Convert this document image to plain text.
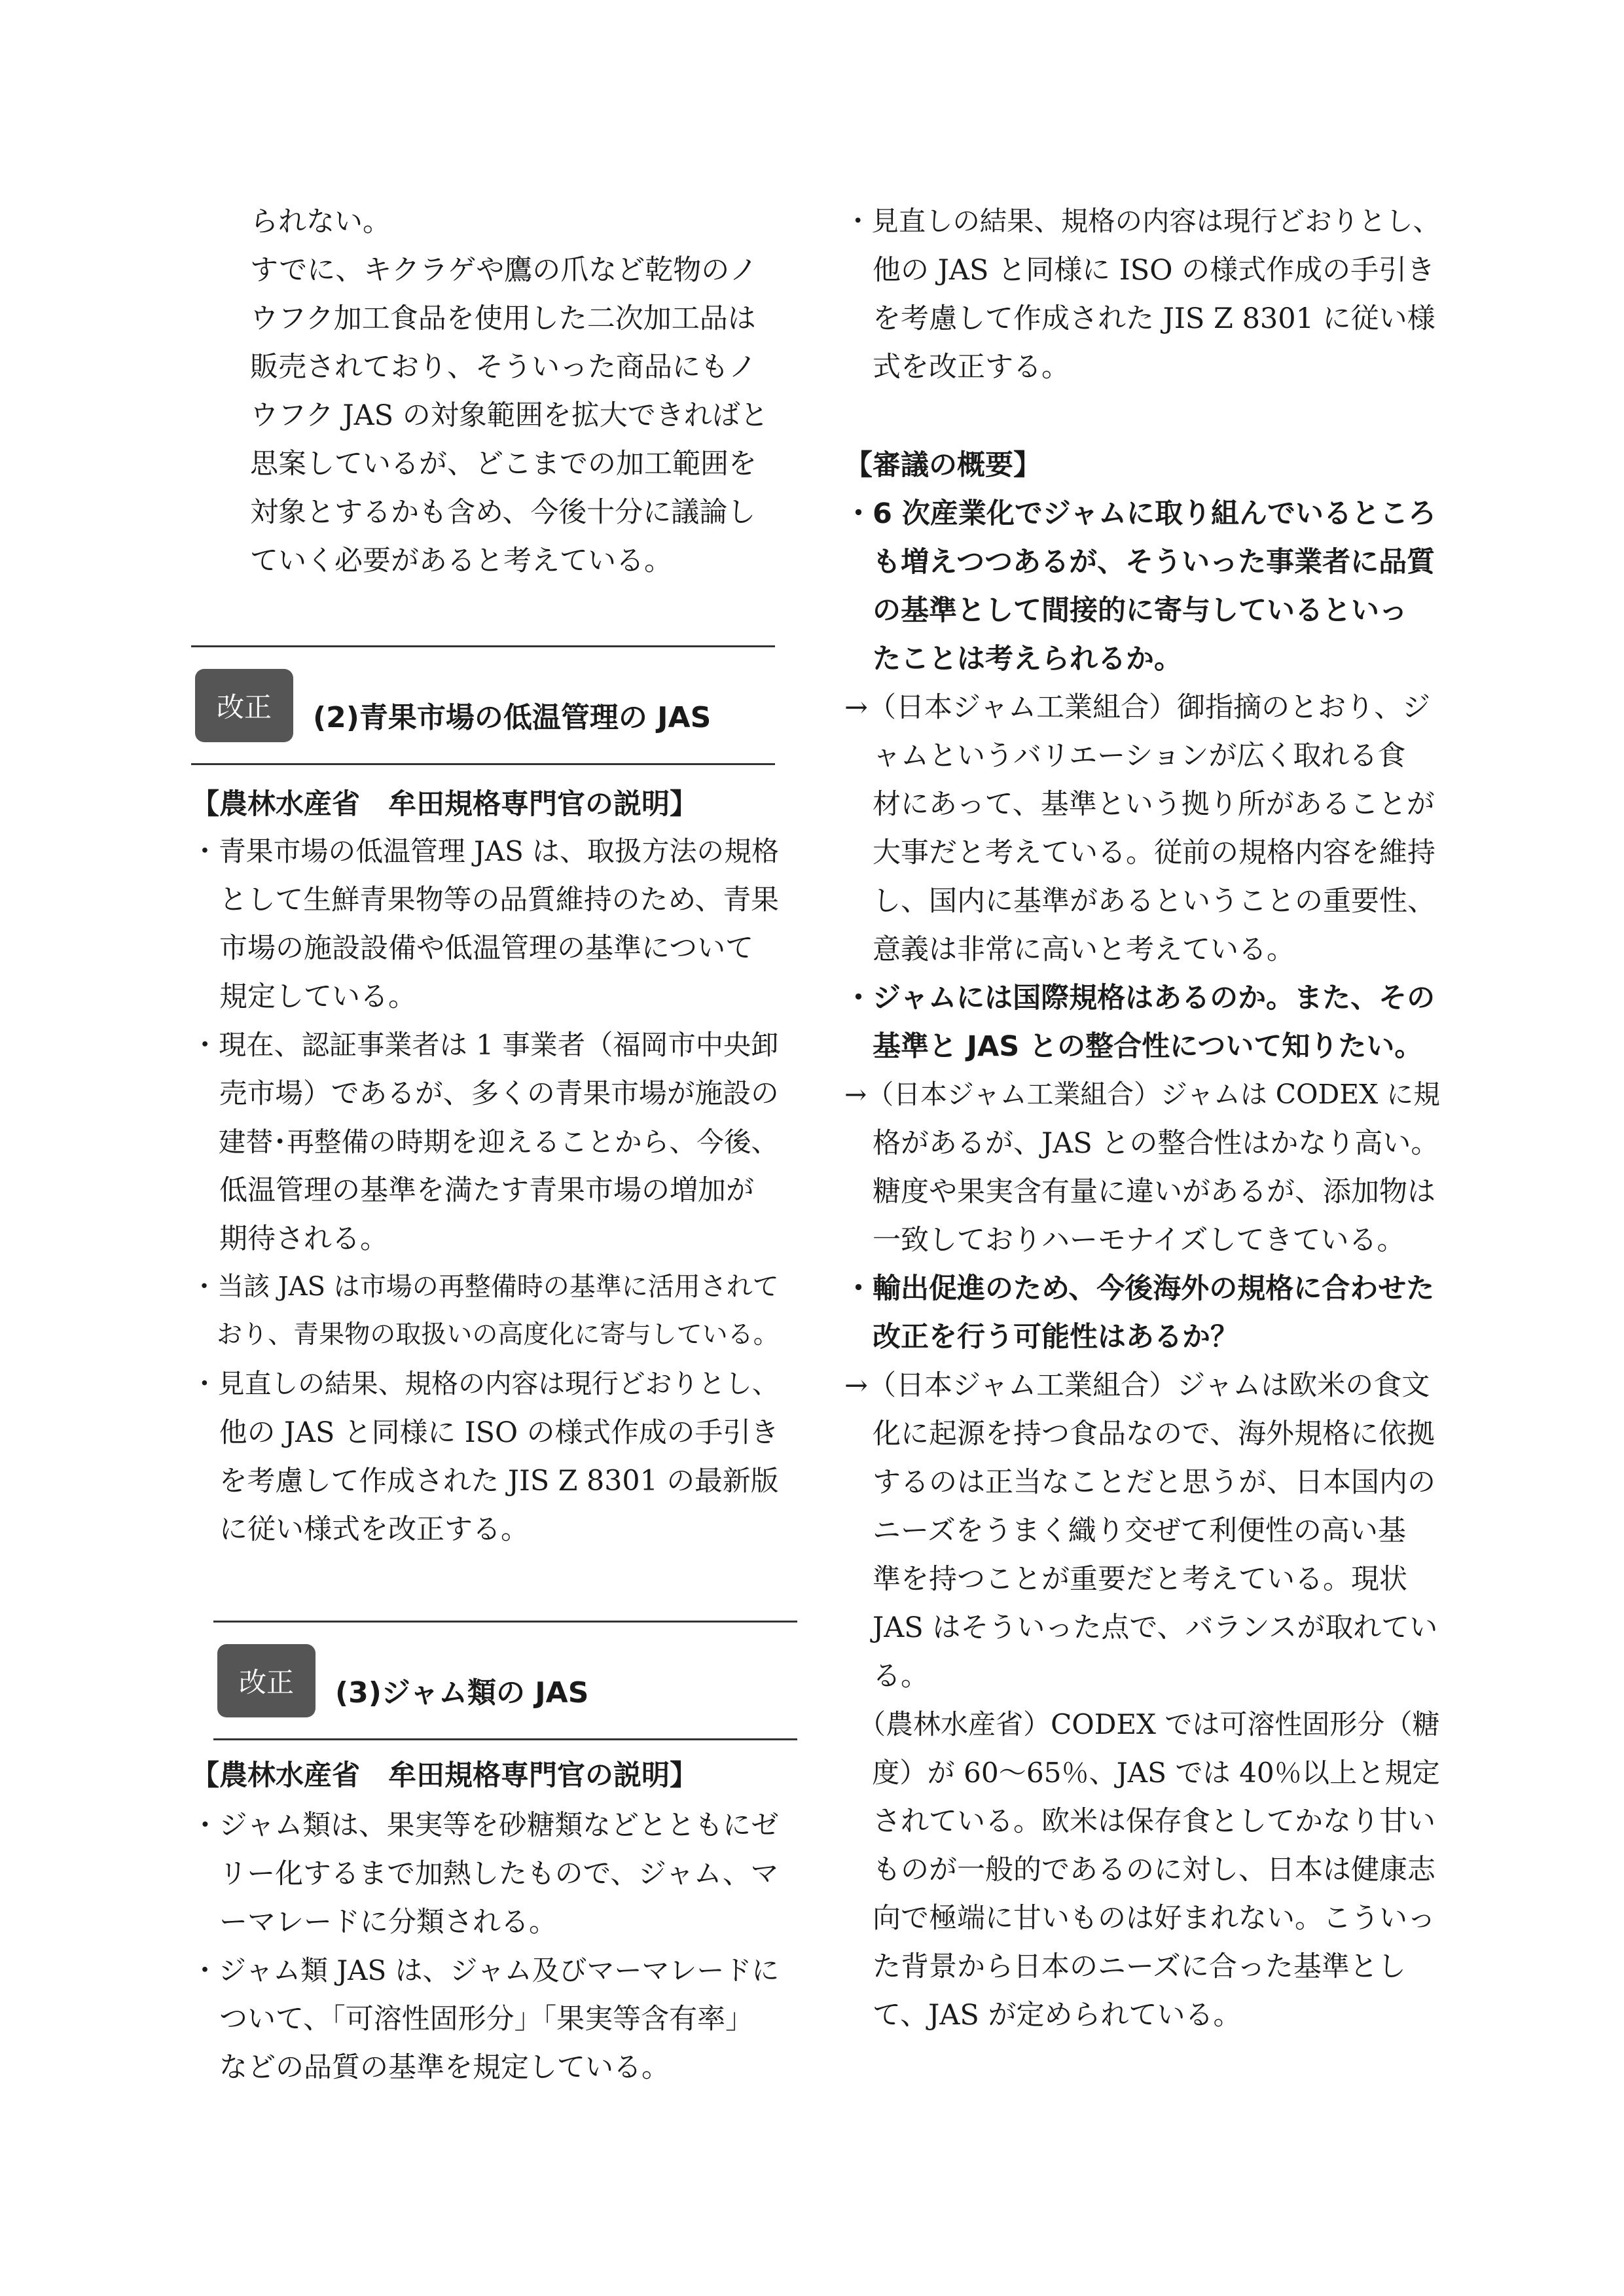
られない。
すでに、キクラゲや鷹の爪など乾物のノ
ウフク加工食品を使用した二次加工品は
販売されており、そういった商品にもノ
ウフク JAS の対象範囲を拡大できればと
思案しているが、どこまでの加工範囲を
対象とするかも含め、今後十分に議論し
ていく必要があると考えている。
改正	(2)青果市場の低温管理の JAS
【農林水産省　牟田規格専門官の説明】
・青果市場の低温管理 JAS は、取扱方法の規格
　として生鮮青果物等の品質維持のため、青果
　市場の施設設備や低温管理の基準について
　規定している。
・現在、認証事業者は 1 事業者（福岡市中央卸
　売市場）であるが、多くの青果市場が施設の
　建替･再整備の時期を迎えることから、今後、
　低温管理の基準を満たす青果市場の増加が
　期待される。
・当該 JAS は市場の再整備時の基準に活用されて
　おり、青果物の取扱いの高度化に寄与している。
・見直しの結果、規格の内容は現行どおりとし、
　他の JAS と同様に ISO の様式作成の手引き
　を考慮して作成された JIS Z 8301 の最新版
　に従い様式を改正する。
改正	(3)ジャム類の JAS
【農林水産省　牟田規格専門官の説明】
・ジャム類は、果実等を砂糖類などとともにゼ
　リー化するまで加熱したもので、ジャム、マ
　ーマレードに分類される。
・ジャム類 JAS は、ジャム及びマーマレードに
　ついて、「可溶性固形分」「果実等含有率」
　などの品質の基準を規定している。
・見直しの結果、規格の内容は現行どおりとし、
　他の JAS と同様に ISO の様式作成の手引き
　を考慮して作成された JIS Z 8301 に従い様
　式を改正する。
【審議の概要】
・6 次産業化でジャムに取り組んでいるところ
　も増えつつあるが、そういった事業者に品質
　の基準として間接的に寄与しているといっ
　たことは考えられるか。
→（日本ジャム工業組合）御指摘のとおり、ジ
　ャムというバリエーションが広く取れる食
　材にあって、基準という拠り所があることが
　大事だと考えている。従前の規格内容を維持
　し、国内に基準があるということの重要性、
　意義は非常に高いと考えている。
・ジャムには国際規格はあるのか。また、その
　基準と JAS との整合性について知りたい。
→（日本ジャム工業組合）ジャムは CODEX に規
　格があるが、JAS との整合性はかなり高い。
　糖度や果実含有量に違いがあるが、添加物は
　一致しておりハーモナイズしてきている。
・輸出促進のため、今後海外の規格に合わせた
　改正を行う可能性はあるか？
→（日本ジャム工業組合）ジャムは欧米の食文
　化に起源を持つ食品なので、海外規格に依拠
　するのは正当なことだと思うが、日本国内の
　ニーズをうまく織り交ぜて利便性の高い基
　準を持つことが重要だと考えている。現状
　JAS はそういった点で、バランスが取れてい
　る。
　（農林水産省）CODEX では可溶性固形分（糖
　度）が 60～65％、JAS では 40％以上と規定
　されている。欧米は保存食としてかなり甘い
　ものが一般的であるのに対し、日本は健康志
　向で極端に甘いものは好まれない。こういっ
　た背景から日本のニーズに合った基準とし
　て、JAS が定められている。
